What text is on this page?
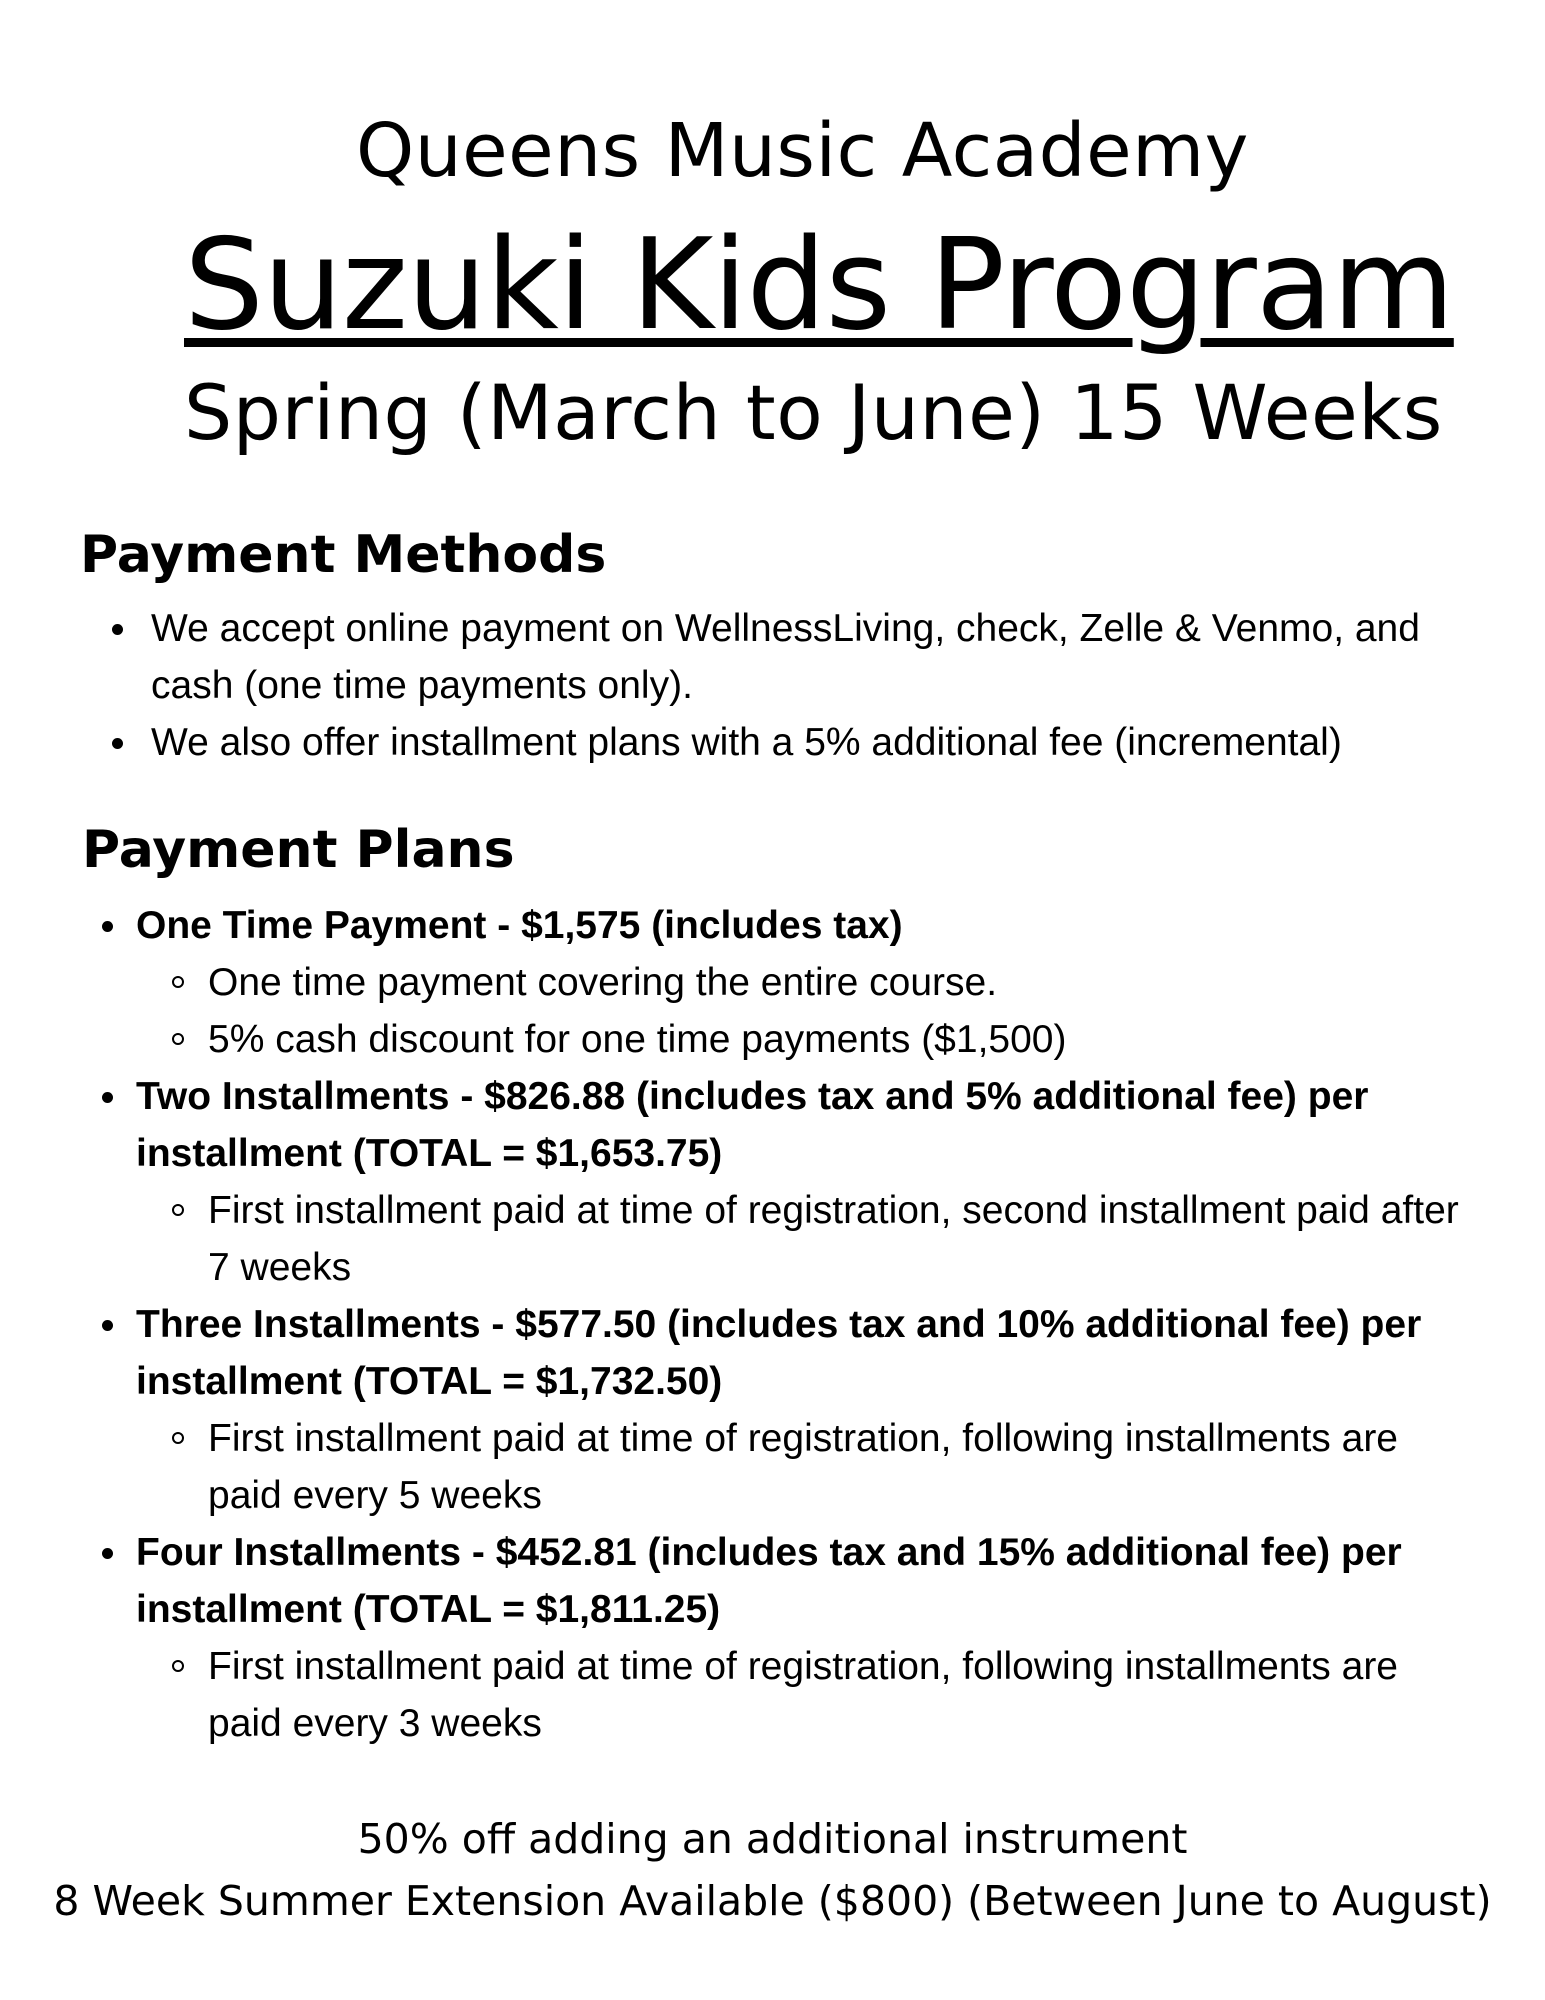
Queens Music Academy
Suzuki Kids Program
Spring (March to June) 15 Weeks
Payment Methods
We accept online payment on WellnessLiving, check, Zelle & Venmo, and cash (one time payments only).
We also offer installment plans with a 5% additional fee (incremental)
Payment Plans
One Time Payment - $1,575 (includes tax)
One time payment covering the entire course.
5% cash discount for one time payments ($1,500)
Two Installments - $826.88 (includes tax and 5% additional fee) per installment (TOTAL = $1,653.75)
First installment paid at time of registration, second installment paid after 7 weeks
Three Installments - $577.50 (includes tax and 10% additional fee) per installment (TOTAL = $1,732.50)
First installment paid at time of registration, following installments are paid every 5 weeks
Four Installments - $452.81 (includes tax and 15% additional fee) per installment (TOTAL = $1,811.25)
First installment paid at time of registration, following installments are paid every 3 weeks
50% off adding an additional instrument
8 Week Summer Extension Available ($800) (Between June to August)
